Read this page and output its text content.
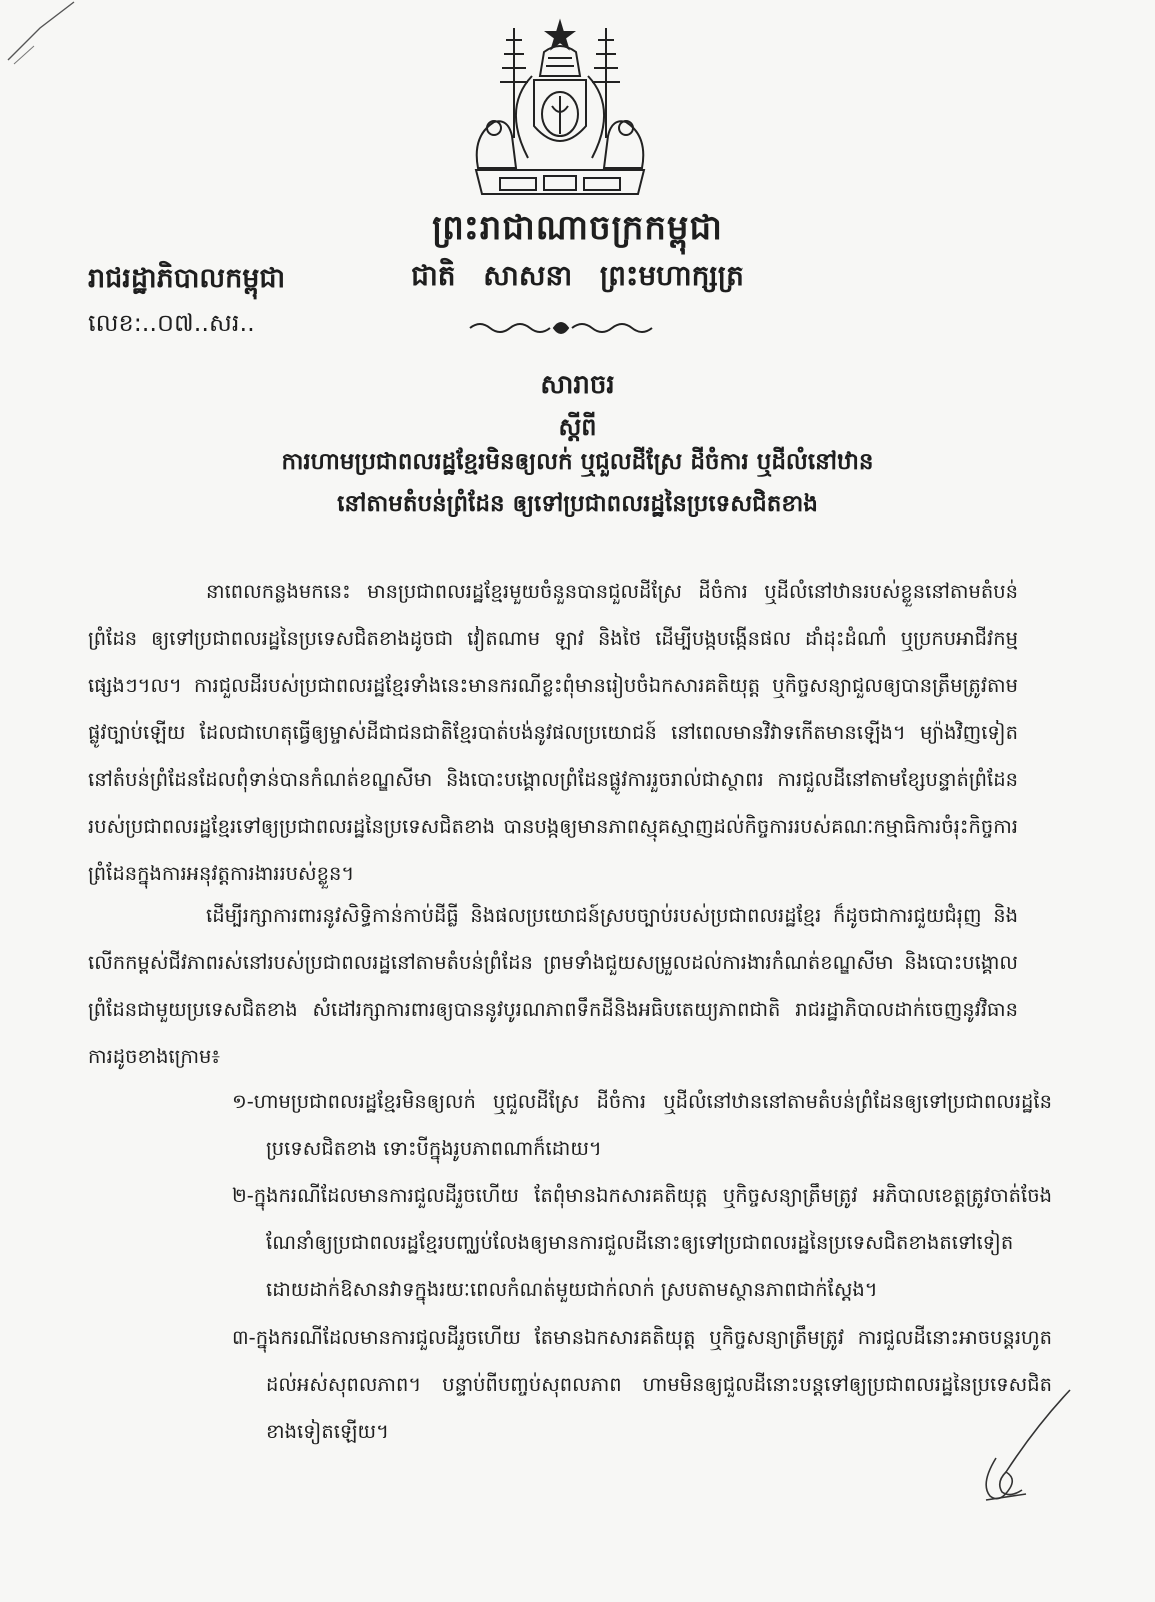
ព្រះរាជាណាចក្រកម្ពុជា
ជាតិ សាសនា ព្រះមហាក្សត្រ
រាជរដ្ឋាភិបាលកម្ពុជា
លេខ:..០៧..សរ..
សារាចរ
ស្តីពី
ការហាមប្រជាពលរដ្ឋខ្មែរមិនឲ្យលក់ ឬជួលដីស្រែ ដីចំការ ឬដីលំនៅឋាន
នៅតាមតំបន់ព្រំដែន ឲ្យទៅប្រជាពលរដ្ឋនៃប្រទេសជិតខាង

នាពេលកន្លងមកនេះ មានប្រជាពលរដ្ឋខ្មែរមួយចំនួនបានជួលដីស្រែ ដីចំការ ឬដីលំនៅឋានរបស់ខ្លួននៅតាមតំបន់ព្រំដែន ឲ្យទៅប្រជាពលរដ្ឋនៃប្រទេសជិតខាងដូចជា វៀតណាម ឡាវ និងថៃ ដើម្បីបង្កបង្កើនផល ដាំដុះដំណាំ ឬប្រកបអាជីវកម្មផ្សេងៗ។ល។ ការជួលដីរបស់ប្រជាពលរដ្ឋខ្មែរទាំងនេះមានករណីខ្លះពុំមានរៀបចំឯកសារគតិយុត្ត ឬកិច្ចសន្យាជួលឲ្យបានត្រឹមត្រូវតាមផ្លូវច្បាប់ឡើយ ដែលជាហេតុធ្វើឲ្យម្ចាស់ដីជាជនជាតិខ្មែរបាត់បង់នូវផលប្រយោជន៍ នៅពេលមានវិវាទកើតមានឡើង។ ម្យ៉ាងវិញទៀត នៅតំបន់ព្រំដែនដែលពុំទាន់បានកំណត់ខណ្ឌសីមា និងបោះបង្គោលព្រំដែនផ្លូវការរួចរាល់ជាស្ថាពរ ការជួលដីនៅតាមខ្សែបន្ទាត់ព្រំដែនរបស់ប្រជាពលរដ្ឋខ្មែរទៅឲ្យប្រជាពលរដ្ឋនៃប្រទេសជិតខាង បានបង្កឲ្យមានភាពស្មុគស្មាញដល់កិច្ចការរបស់គណៈកម្មាធិការចំរុះកិច្ចការព្រំដែនក្នុងការអនុវត្តការងាររបស់ខ្លួន។

ដើម្បីរក្សាការពារនូវសិទ្ធិកាន់កាប់ដីធ្លី និងផលប្រយោជន៍ស្របច្បាប់របស់ប្រជាពលរដ្ឋខ្មែរ ក៏ដូចជាការជួយជំរុញ និងលើកកម្ពស់ជីវភាពរស់នៅរបស់ប្រជាពលរដ្ឋនៅតាមតំបន់ព្រំដែន ព្រមទាំងជួយសម្រួលដល់ការងារកំណត់ខណ្ឌសីមា និងបោះបង្គោលព្រំដែនជាមួយប្រទេសជិតខាង សំដៅរក្សាការពារឲ្យបាននូវបូរណភាពទឹកដីនិងអធិបតេយ្យភាពជាតិ រាជរដ្ឋាភិបាលដាក់ចេញនូវវិធានការដូចខាងក្រោម៖

១-ហាមប្រជាពលរដ្ឋខ្មែរមិនឲ្យលក់ ឬជួលដីស្រែ ដីចំការ ឬដីលំនៅឋាននៅតាមតំបន់ព្រំដែនឲ្យទៅប្រជាពលរដ្ឋនៃប្រទេសជិតខាង ទោះបីក្នុងរូបភាពណាក៏ដោយ។

២-ក្នុងករណីដែលមានការជួលដីរួចហើយ តែពុំមានឯកសារគតិយុត្ត ឬកិច្ចសន្យាត្រឹមត្រូវ អភិបាលខេត្តត្រូវចាត់ចែងណែនាំឲ្យប្រជាពលរដ្ឋខ្មែរបញ្ឈប់លែងឲ្យមានការជួលដីនោះឲ្យទៅប្រជាពលរដ្ឋនៃប្រទេសជិតខាងតទៅទៀត ដោយដាក់ឱសានវាទក្នុងរយៈពេលកំណត់មួយជាក់លាក់ ស្របតាមស្ថានភាពជាក់ស្តែង។

៣-ក្នុងករណីដែលមានការជួលដីរួចហើយ តែមានឯកសារគតិយុត្ត ឬកិច្ចសន្យាត្រឹមត្រូវ ការជួលដីនោះអាចបន្តរហូតដល់អស់សុពលភាព។ បន្ទាប់ពីបញ្ចប់សុពលភាព ហាមមិនឲ្យជួលដីនោះបន្តទៅឲ្យប្រជាពលរដ្ឋនៃប្រទេសជិតខាងទៀតឡើយ។
